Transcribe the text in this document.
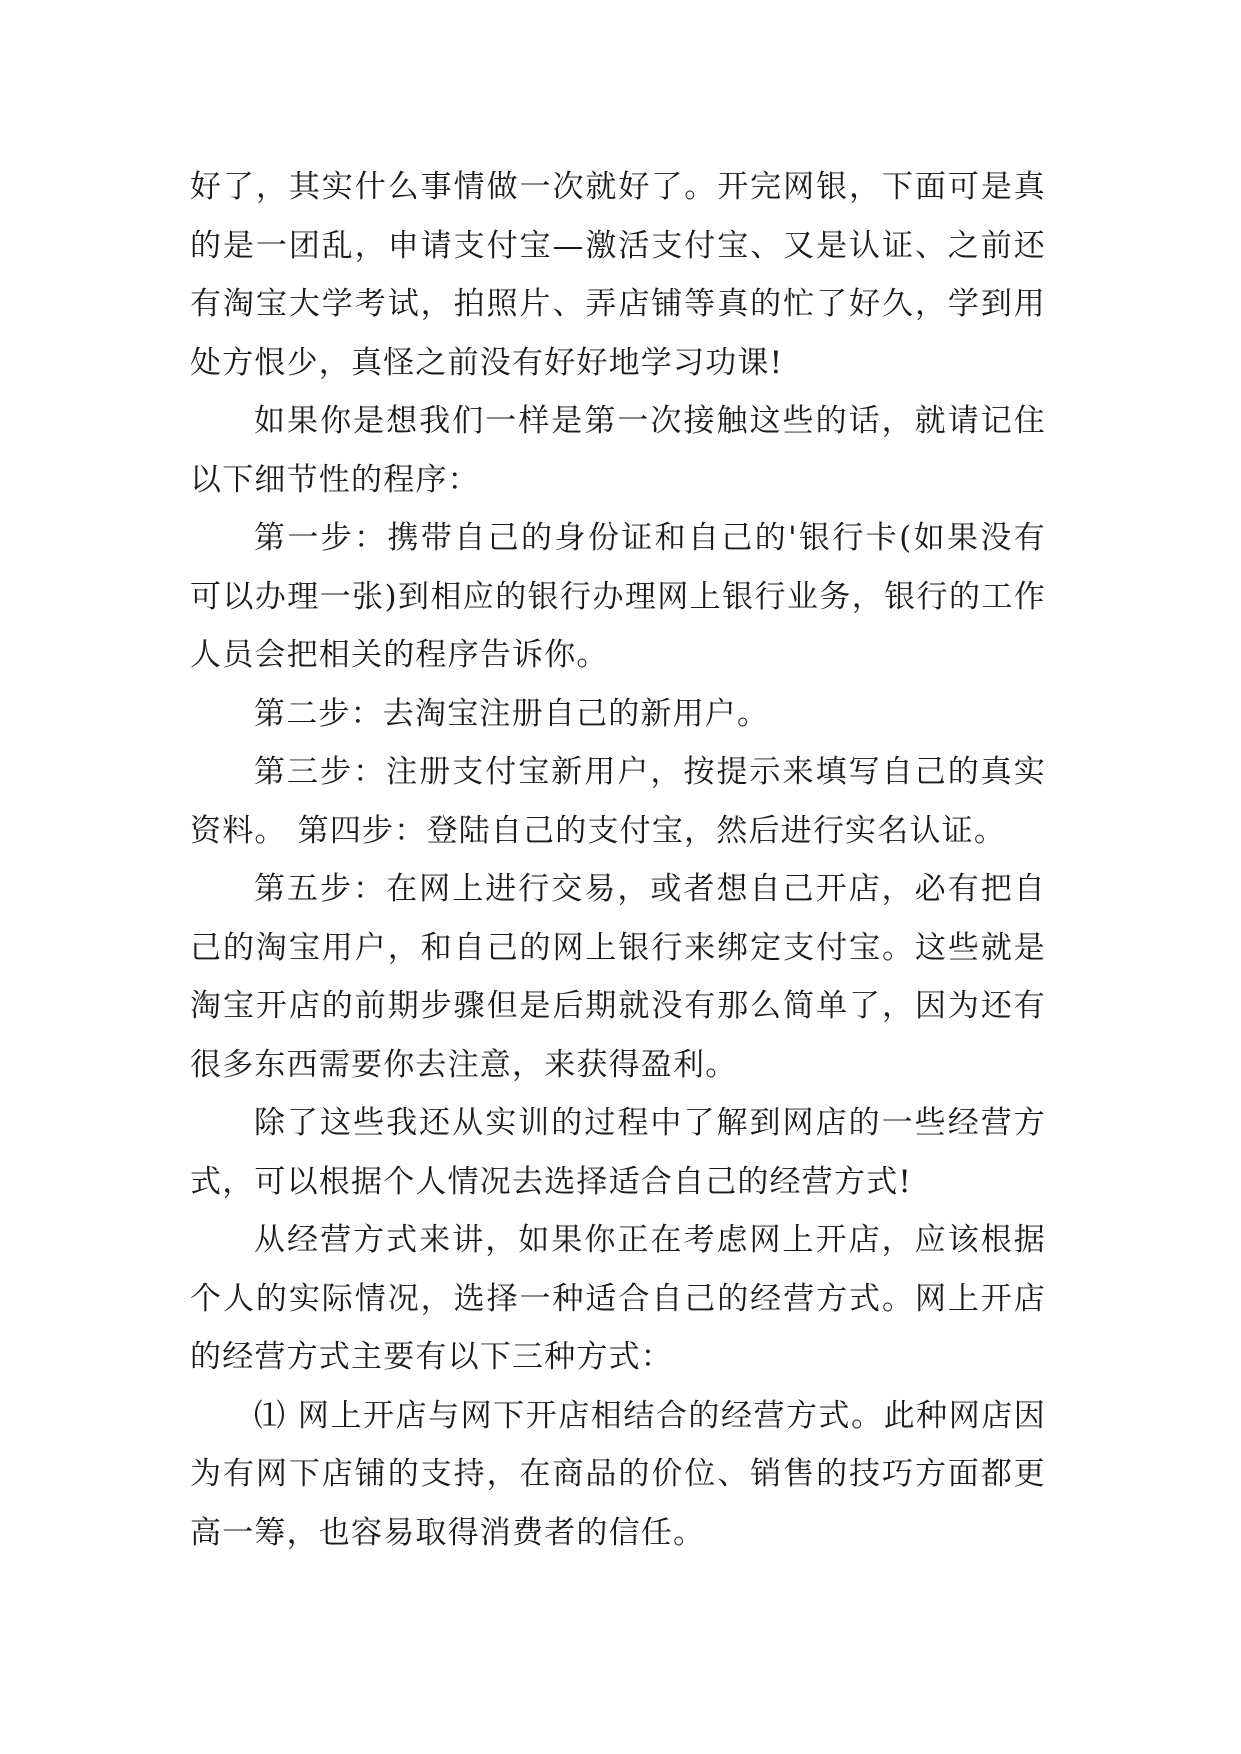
好了，其实什么事情做一次就好了。开完网银，下面可是真的是一团乱，申请支付宝—激活支付宝、又是认证、之前还有淘宝大学考试，拍照片、弄店铺等真的忙了好久，学到用处方恨少，真怪之前没有好好地学习功课!

如果你是想我们一样是第一次接触这些的话，就请记住以下细节性的程序：

第一步：携带自己的身份证和自己的'银行卡(如果没有可以办理一张)到相应的银行办理网上银行业务，银行的工作人员会把相关的程序告诉你。

第二步：去淘宝注册自己的新用户。

第三步：注册支付宝新用户，按提示来填写自己的真实资料。 第四步：登陆自己的支付宝，然后进行实名认证。

第五步：在网上进行交易，或者想自己开店，必有把自己的淘宝用户，和自己的网上银行来绑定支付宝。这些就是淘宝开店的前期步骤但是后期就没有那么简单了，因为还有很多东西需要你去注意，来获得盈利。

除了这些我还从实训的过程中了解到网店的一些经营方式，可以根据个人情况去选择适合自己的经营方式!

从经营方式来讲，如果你正在考虑网上开店，应该根据个人的实际情况，选择一种适合自己的经营方式。网上开店的经营方式主要有以下三种方式：

⑴ 网上开店与网下开店相结合的经营方式。此种网店因为有网下店铺的支持，在商品的价位、销售的技巧方面都更高一筹，也容易取得消费者的信任。
